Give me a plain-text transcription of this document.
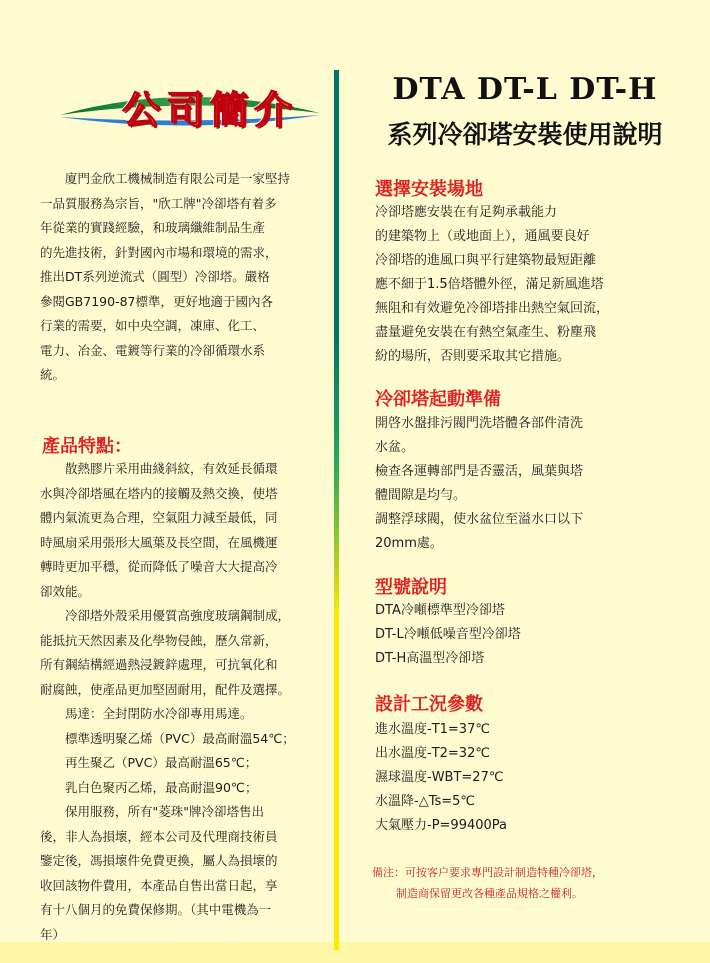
公司簡介
廈門金欣工機械制造有限公司是一家堅持
一品質服務為宗旨，"欣工牌"冷卻塔有着多
年從業的實踐經驗，和玻璃纖維制品生產
的先進技術，針對國內市場和環境的需求，
推出DT系列逆流式（圓型）冷卻塔。嚴格
參閱GB7190-87標準，更好地適于國內各
行業的需要，如中央空調，凍庫、化工、
電力、冶金、電鍍等行業的冷卻循環水系
統。
產品特點：
散熱膠片采用曲綫斜紋，有效延長循環
水與冷卻塔風在塔内的接觸及熱交換，使塔
體内氣流更為合理，空氣阻力減至最低，同
時風扇采用張形大風葉及長空間，在風機運
轉時更加平穩，從而降低了噪音大大提高冷
卻效能。
冷卻塔外殼采用優質高強度玻璃鋼制成，
能抵抗天然因素及化學物侵蝕，歷久常新，
所有鋼結構經過熱浸鍍鋅處理，可抗氧化和
耐腐蝕，使產品更加堅固耐用，配件及選擇。
馬達：全封閉防水冷卻專用馬達。
標準透明聚乙烯（PVC）最高耐溫54℃；
再生聚乙（PVC）最高耐溫65℃；
乳白色聚丙乙烯，最高耐溫90℃；
保用服務，所有"菱珠"牌冷卻塔售出
後，非人為損壞，經本公司及代理商技術員
鑒定後，馮損壞件免費更換，屬人為損壞的
收回該物件費用，本產品自售出當日起，享
有十八個月的免費保修期。（其中電機為一
年）
DTA DT-L DT-H
系列冷卻塔安裝使用說明
選擇安裝場地
冷卻塔應安裝在有足夠承載能力
的建築物上（或地面上），通風要良好
冷卻塔的進風口與平行建築物最短距離
應不細于1.5倍塔體外徑，滿足新風進塔
無阻和有效避免冷卻塔排出熱空氣回流，
盡量避免安裝在有熱空氣產生、粉塵飛
紛的場所，否則要采取其它措施。
冷卻塔起動準備
開啓水盤排污閥門洗塔體各部件清洗
水盆。
檢查各運轉部門是否靈活，風葉與塔
體間隙是均勻。
調整浮球閥，使水盆位至溢水口以下
20mm處。
型號說明
DTA冷噸標準型冷卻塔
DT-L冷噸低噪音型冷卻塔
DT-H高溫型冷卻塔
設計工況參數
進水溫度-T1=37℃
出水溫度-T2=32℃
濕球溫度-WBT=27℃
水溫降-△Ts=5℃
大氣壓力-P=99400Pa
備注：可按客户要求專門設計制造特種冷卻塔，
制造商保留更改各種產品規格之權利。
